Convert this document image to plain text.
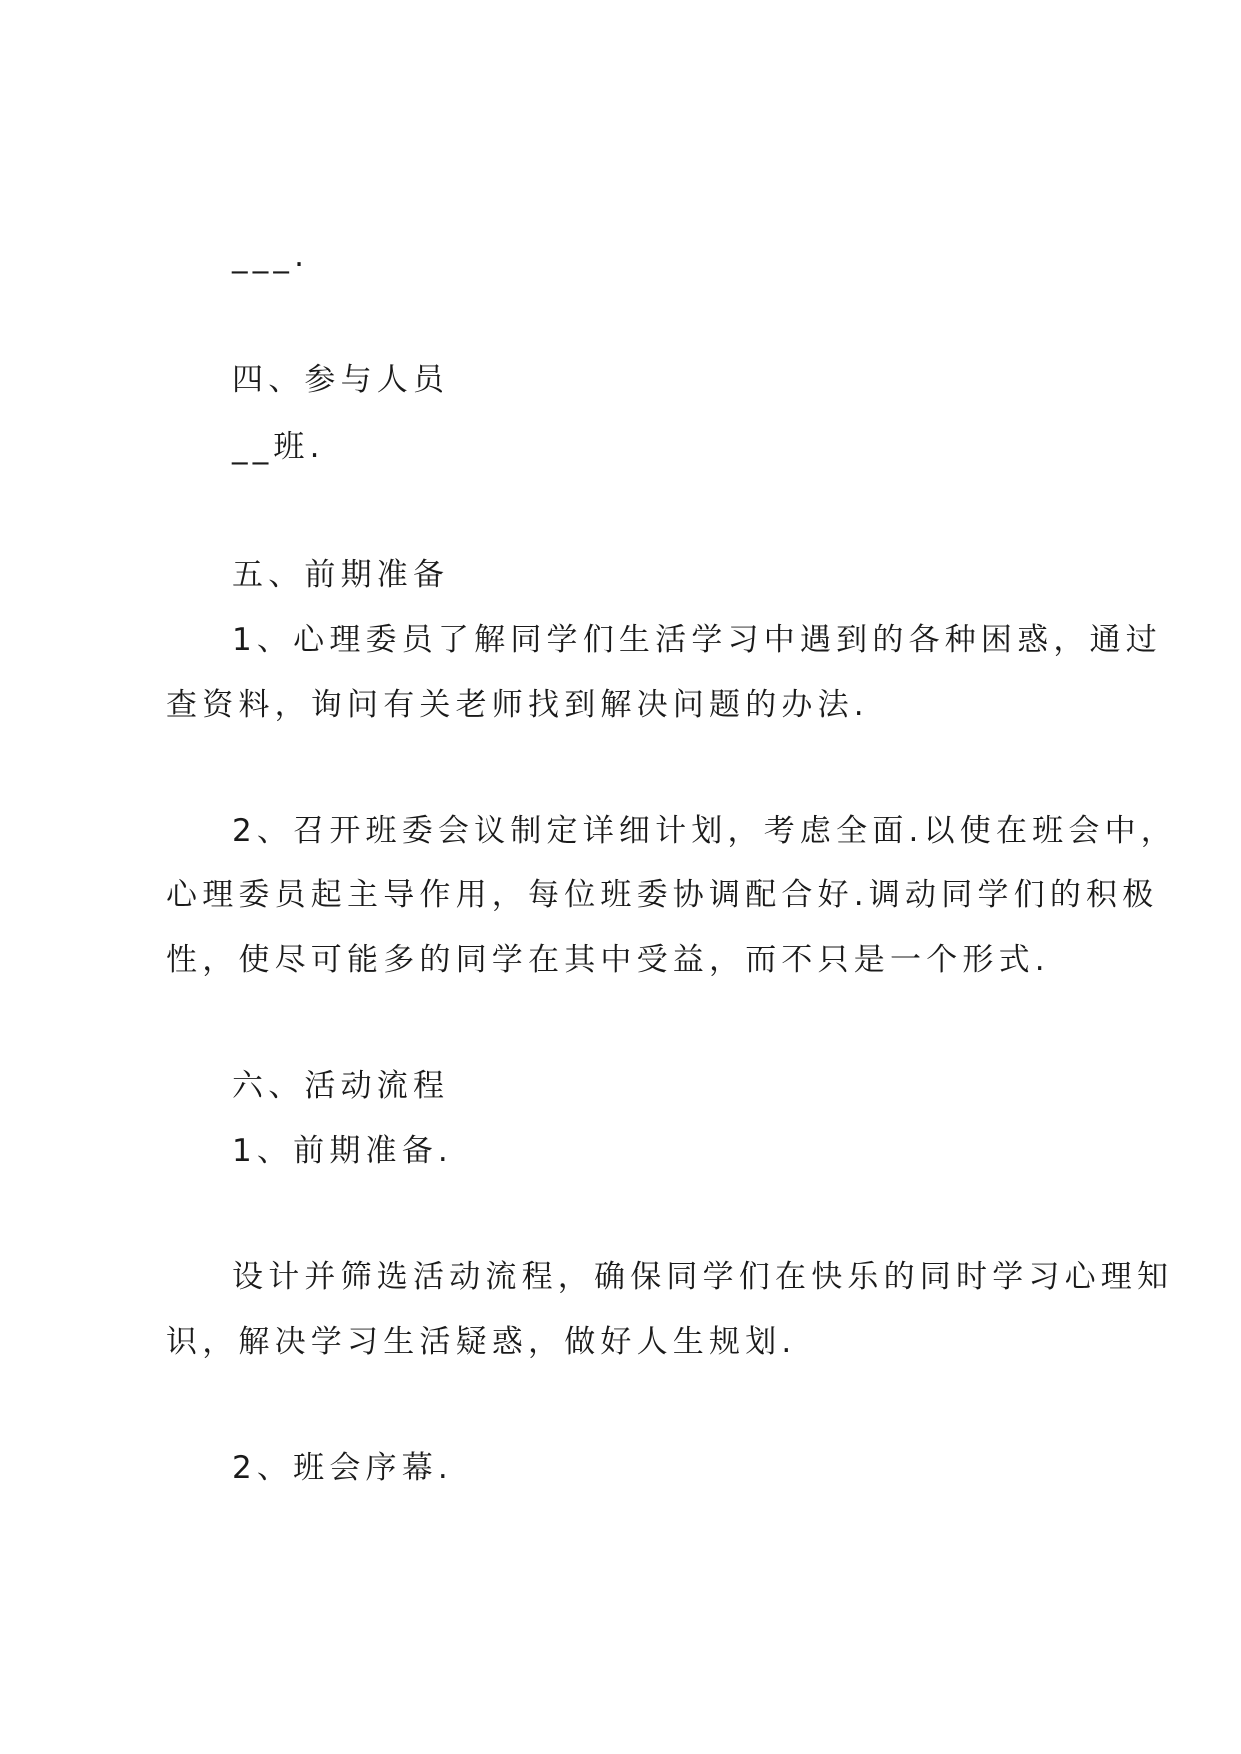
___.

四、参与人员

__班.

五、前期准备

1、心理委员了解同学们生活学习中遇到的各种困惑，通过

查资料，询问有关老师找到解决问题的办法.

2、召开班委会议制定详细计划，考虑全面.以使在班会中，

心理委员起主导作用，每位班委协调配合好.调动同学们的积极

性，使尽可能多的同学在其中受益，而不只是一个形式.

六、活动流程

1、前期准备.

设计并筛选活动流程，确保同学们在快乐的同时学习心理知

识，解决学习生活疑惑，做好人生规划.

2、班会序幕.
